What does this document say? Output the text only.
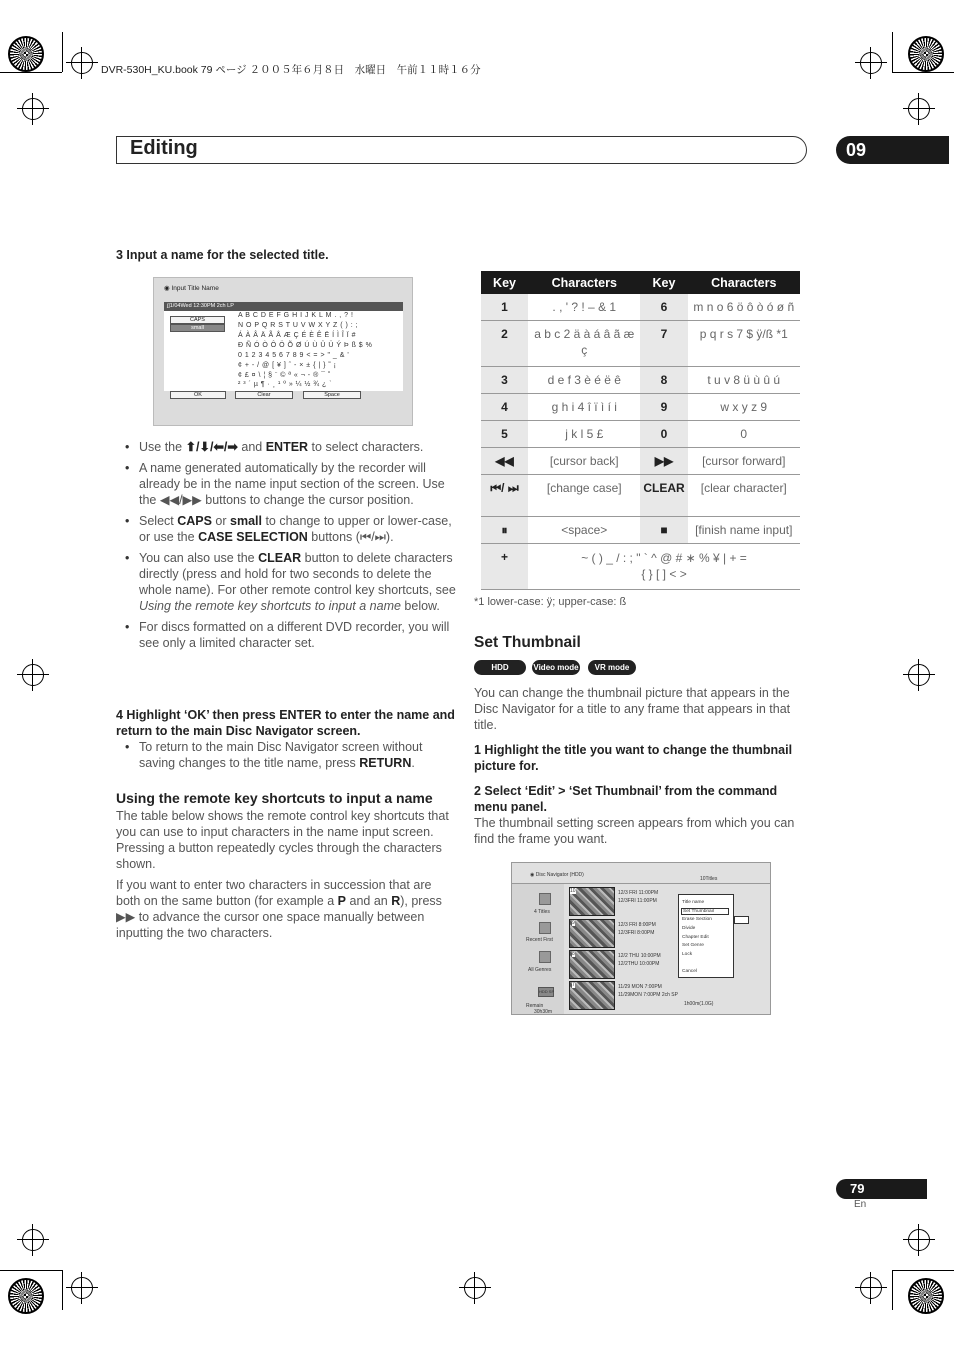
DVR-530H_KU.book 79 ページ ２００５年６月８日　水曜日　午前１１時１６分
Editing	09
3 Input a name for the selected title.
◉ Input Title Name
j]1/04Wed 12:30PM 2ch LP
CAPS
small
A B C D E F G H I J K L M . , ? !
N O P Q R S T U V W X Y Z ( ) : ;
Á À Â Ä Ã Å Æ Ç É È Ê Ë Í Ì Î Ï #
Ð Ñ Ó Ò Ô Ö Õ Ø Ú Ù Û Ü Ý Þ ß $ %
0 1 2 3 4 5 6 7 8 9 < = > " _ & '
¢ + - / @ [ ¥ ] ˆ - × ± { | } ˜ ¡
¢ £ ¤ \ ¦ § ¨ © ª « ¬ - ® ¯ ˚
² ³ ´ µ ¶ · ¸ ¹ º » ¼ ½ ¾ ¿ `
OK	Clear	Space
• Use the ⬆/⬇/⬅/➡ and ENTER to select characters.
• A name generated automatically by the recorder will already be in the name input section of the screen. Use the ◀◀/▶▶ buttons to change the cursor position.
• Select CAPS or small to change to upper or lower-case, or use the CASE SELECTION buttons (⏮/⏭).
• You can also use the CLEAR button to delete characters directly (press and hold for two seconds to delete the whole name). For other remote control key shortcuts, see Using the remote key shortcuts to input a name below.
• For discs formatted on a different DVD recorder, you will see only a limited character set.
4 Highlight ‘OK’ then press ENTER to enter the name and return to the main Disc Navigator screen.
• To return to the main Disc Navigator screen without saving changes to the title name, press RETURN.
Using the remote key shortcuts to input a name
The table below shows the remote control key shortcuts that you can use to input characters in the name input screen. Pressing a button repeatedly cycles through the characters shown.
If you want to enter two characters in succession that are both on the same button (for example a P and an R), press ▶▶ to advance the cursor one space manually between inputting the two characters.
Key	Characters	Key	Characters
1	. , ' ? ! – & 1	6	m n o 6 ö ô ò ó ø ñ
2	a b c 2 ä à á â ã æ ç	7	p q r s 7 $ ÿ/ß *1
3	d e f 3 è é ë ê	8	t u v 8 ü ù û ú
4	g h i 4 î ï ì í i	9	w x y z 9
5	j k l 5 £	0	0
◀◀	[cursor back]	▶▶	[cursor forward]
⏮/ ⏭	[change case]	CLEAR	[clear character]
⏸	<space>	■	[finish name input]
+	~ ( ) _ / : ; " ` ^ @ # ∗ % ¥ | + = { } [ ] < >		
*1 lower-case: ÿ; upper-case: ß
Set Thumbnail
HDD	Video mode	VR mode
You can change the thumbnail picture that appears in the Disc Navigator for a title to any frame that appears in that title.
1 Highlight the title you want to change the thumbnail picture for.
2 Select ‘Edit’ > ‘Set Thumbnail’ from the command menu panel.
The thumbnail setting screen appears from which you can find the frame you want.
◉ Disc Navigator (HDD)
10Titles
4 Titles
Recent First
All Genres
HDD SP
Remain
30h30m
10	12/3 FRI 11:00PM
12/3FRI 11:00PM
9	12/3 FRI 8:00PM
12/3FRI 8:00PM
8	12/2 THU 10:00PM
12/2THU 10:00PM
7	11/29 MON 7:00PM
11/29MON 7:00PM 2ch SP
1h00m(1.0G)
Title name
Set Thumbnail
Erase Section
Divide
Chapter Edit
Set Genre
Lock
Cancel
79
En
